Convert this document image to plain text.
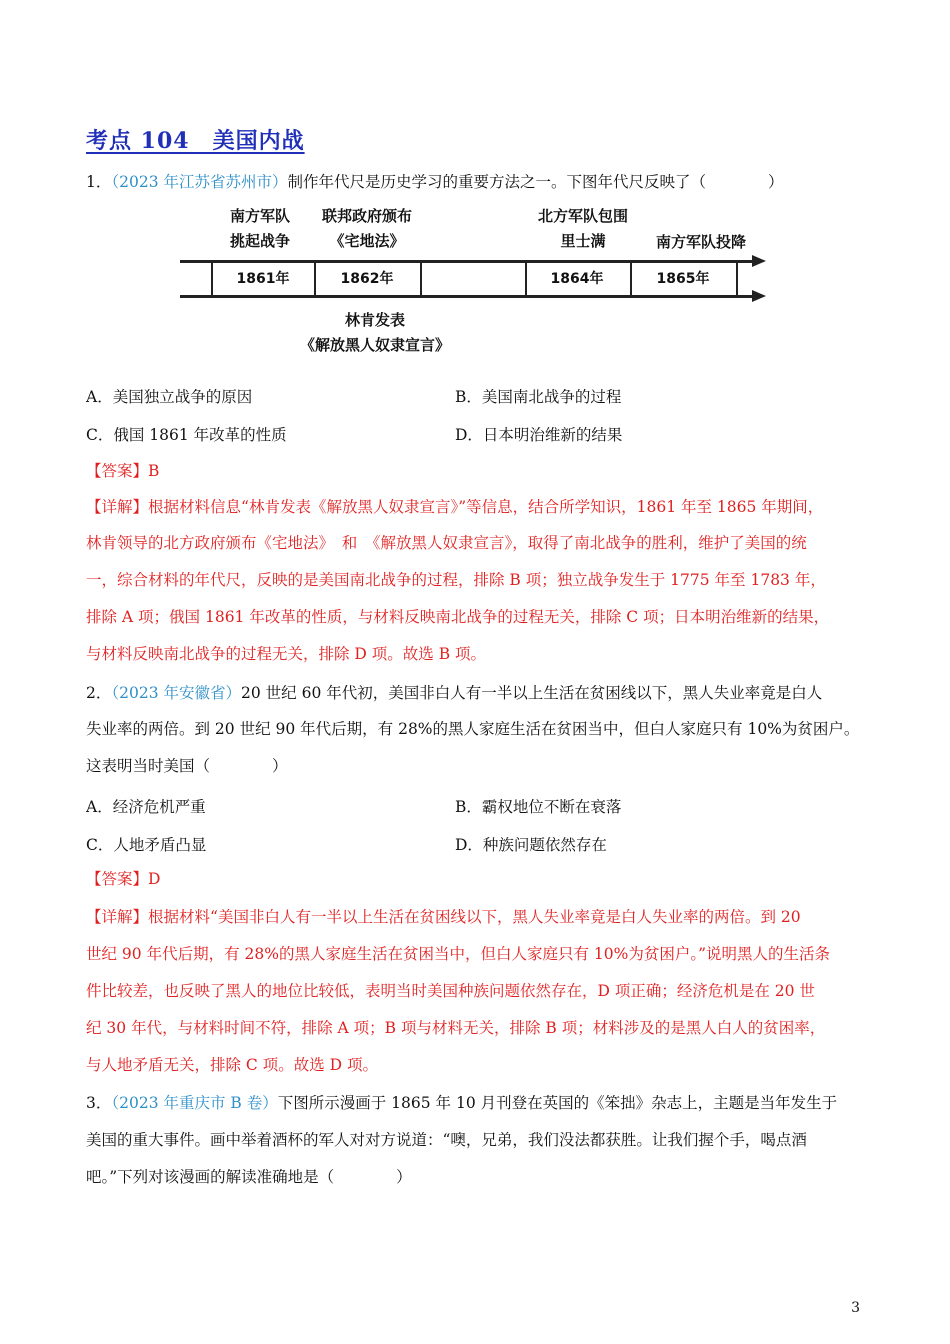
考点 104　美国内战
1．（2023 年江苏省苏州市）制作年代尺是历史学习的重要方法之一。下图年代尺反映了（　　　　）
南方军队
挑起战争
联邦政府颁布
《宅地法》
北方军队包围
里士满	南方军队投降
1861年	1862年	1864年	1865年
林肯发表
《解放黑人奴隶宣言》
A．美国独立战争的原因	B．美国南北战争的过程
C．俄国 1861 年改革的性质	D．日本明治维新的结果
【答案】B
【详解】根据材料信息“林肯发表《解放黑人奴隶宣言》”等信息，结合所学知识，1861 年至 1865 年期间，
林肯领导的北方政府颁布《宅地法》　和　《解放黑人奴隶宣言》，取得了南北战争的胜利，维护了美国的统
一，综合材料的年代尺，反映的是美国南北战争的过程，排除 B 项；独立战争发生于 1775 年至 1783 年，
排除 A 项；俄国 1861 年改革的性质，与材料反映南北战争的过程无关，排除 C 项；日本明治维新的结果，
与材料反映南北战争的过程无关，排除 D 项。故选 B 项。
2．（2023 年安徽省）20 世纪 60 年代初，美国非白人有一半以上生活在贫困线以下，黑人失业率竟是白人
失业率的两倍。到 20 世纪 90 年代后期，有 28%的黑人家庭生活在贫困当中，但白人家庭只有 10%为贫困户。
这表明当时美国（　　　　）
A．经济危机严重	B．霸权地位不断在衰落
C．人地矛盾凸显	D．种族问题依然存在
【答案】D
【详解】根据材料“美国非白人有一半以上生活在贫困线以下，黑人失业率竟是白人失业率的两倍。到 20
世纪 90 年代后期，有 28%的黑人家庭生活在贫困当中，但白人家庭只有 10%为贫困户。”说明黑人的生活条
件比较差，也反映了黑人的地位比较低，表明当时美国种族问题依然存在，D 项正确；经济危机是在 20 世
纪 30 年代，与材料时间不符，排除 A 项；B 项与材料无关，排除 B 项；材料涉及的是黑人白人的贫困率，
与人地矛盾无关，排除 C 项。故选 D 项。
3．（2023 年重庆市 B 卷）下图所示漫画于 1865 年 10 月刊登在英国的《笨拙》杂志上，主题是当年发生于
美国的重大事件。画中举着酒杯的军人对对方说道：“噢，兄弟，我们没法都获胜。让我们握个手，喝点酒
吧。”下列对该漫画的解读准确地是（　　　　）
3
